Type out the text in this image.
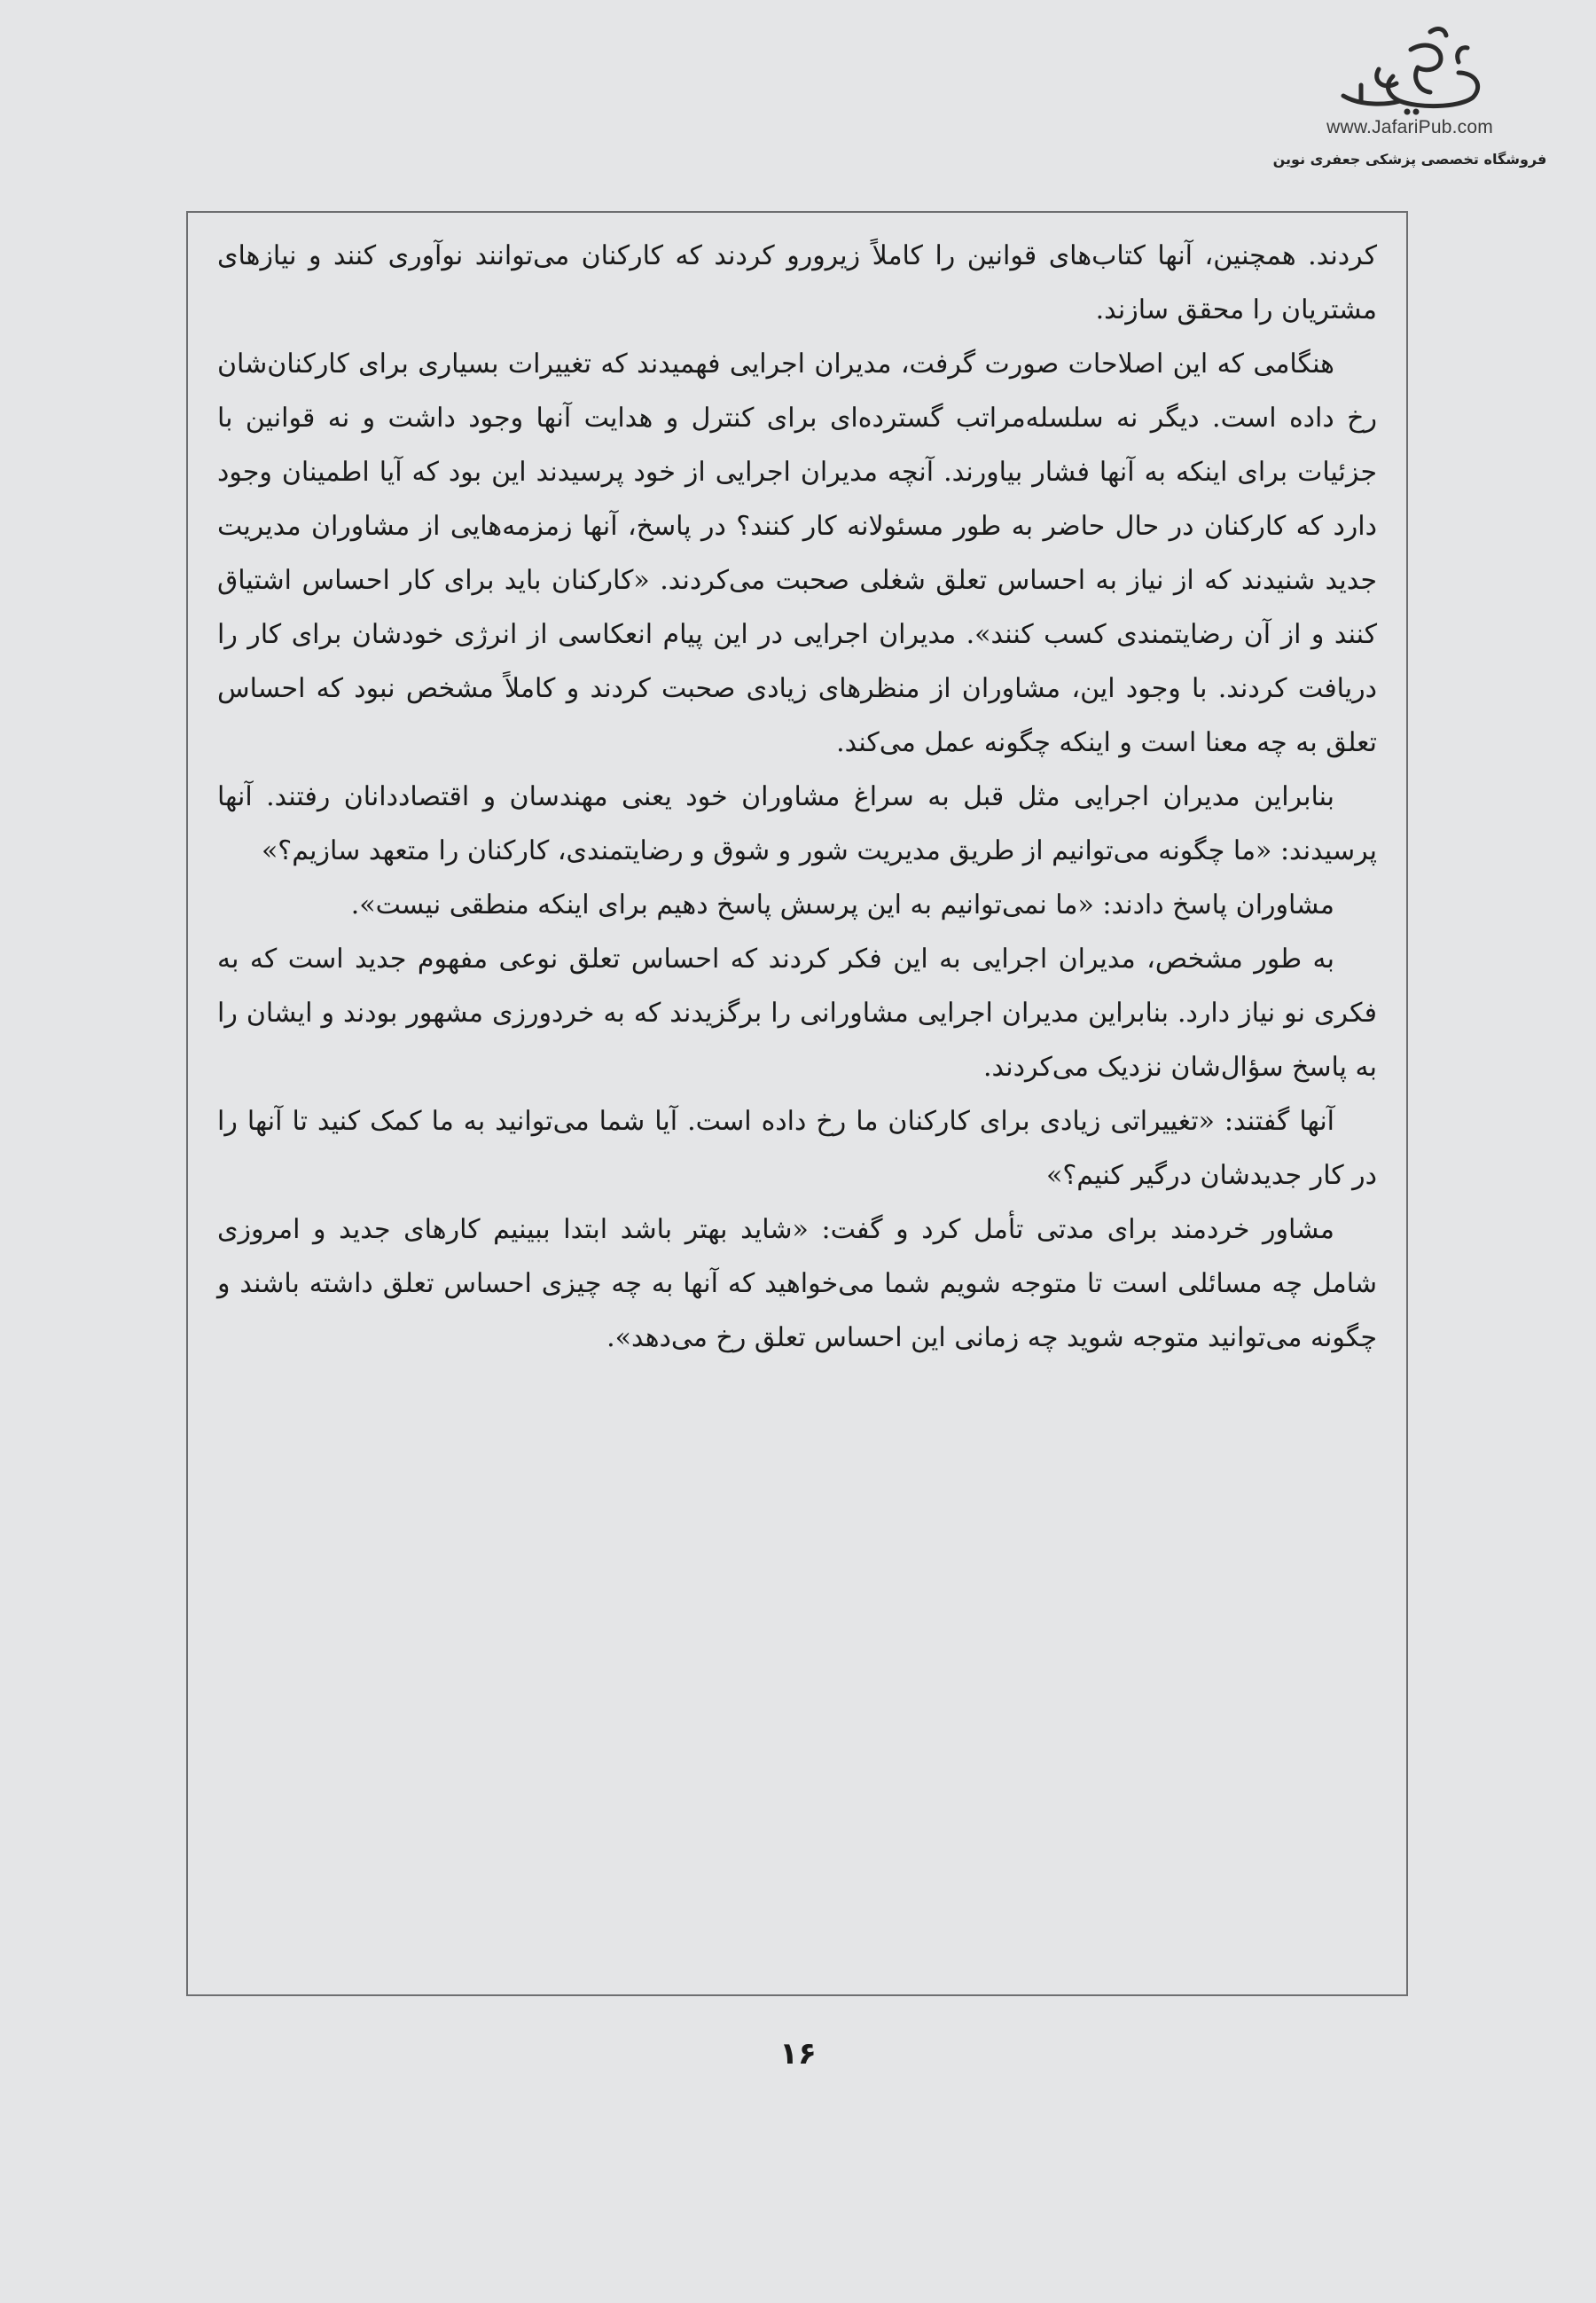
www.JafariPub.com
فروشگاه تخصصی پزشکی جعفری نوین

کردند. همچنین، آنها کتاب‌های قوانین را کاملاً زیرورو کردند که کارکنان می‌توانند نوآوری کنند و نیازهای مشتریان را محقق سازند.

هنگامی که این اصلاحات صورت گرفت، مدیران اجرایی فهمیدند که تغییرات بسیاری برای کارکنان‌شان رخ داده است. دیگر نه سلسله‌مراتب گسترده‌ای برای کنترل و هدایت آنها وجود داشت و نه قوانین با جزئیات برای اینکه به آنها فشار بیاورند. آنچه مدیران اجرایی از خود پرسیدند این بود که آیا اطمینان وجود دارد که کارکنان در حال حاضر به طور مسئولانه کار کنند؟ در پاسخ، آنها زمزمه‌هایی از مشاوران مدیریت جدید شنیدند که از نیاز به احساس تعلق شغلی صحبت می‌کردند. «کارکنان باید برای کار احساس اشتیاق کنند و از آن رضایتمندی کسب کنند». مدیران اجرایی در این پیام انعکاسی از انرژی خودشان برای کار را دریافت کردند. با وجود این، مشاوران از منظرهای زیادی صحبت کردند و کاملاً مشخص نبود که احساس تعلق به چه معنا است و اینکه چگونه عمل می‌کند.

بنابراین مدیران اجرایی مثل قبل به سراغ مشاوران خود یعنی مهندسان و اقتصاددانان رفتند. آنها پرسیدند: «ما چگونه می‌توانیم از طریق مدیریت شور و شوق و رضایتمندی، کارکنان را متعهد سازیم؟»

مشاوران پاسخ دادند: «ما نمی‌توانیم به این پرسش پاسخ دهیم برای اینکه منطقی نیست».

به طور مشخص، مدیران اجرایی به این فکر کردند که احساس تعلق نوعی مفهوم جدید است که به فکری نو نیاز دارد. بنابراین مدیران اجرایی مشاورانی را برگزیدند که به خردورزی مشهور بودند و ایشان را به پاسخ سؤال‌شان نزدیک می‌کردند.

آنها گفتند: «تغییراتی زیادی برای کارکنان ما رخ داده است. آیا شما می‌توانید به ما کمک کنید تا آنها را در کار جدیدشان درگیر کنیم؟»

مشاور خردمند برای مدتی تأمل کرد و گفت: «شاید بهتر باشد ابتدا ببینیم کارهای جدید و امروزی شامل چه مسائلی است تا متوجه شویم شما می‌خواهید که آنها به چه چیزی احساس تعلق داشته باشند و چگونه می‌توانید متوجه شوید چه زمانی این احساس تعلق رخ می‌دهد».

۱۶
